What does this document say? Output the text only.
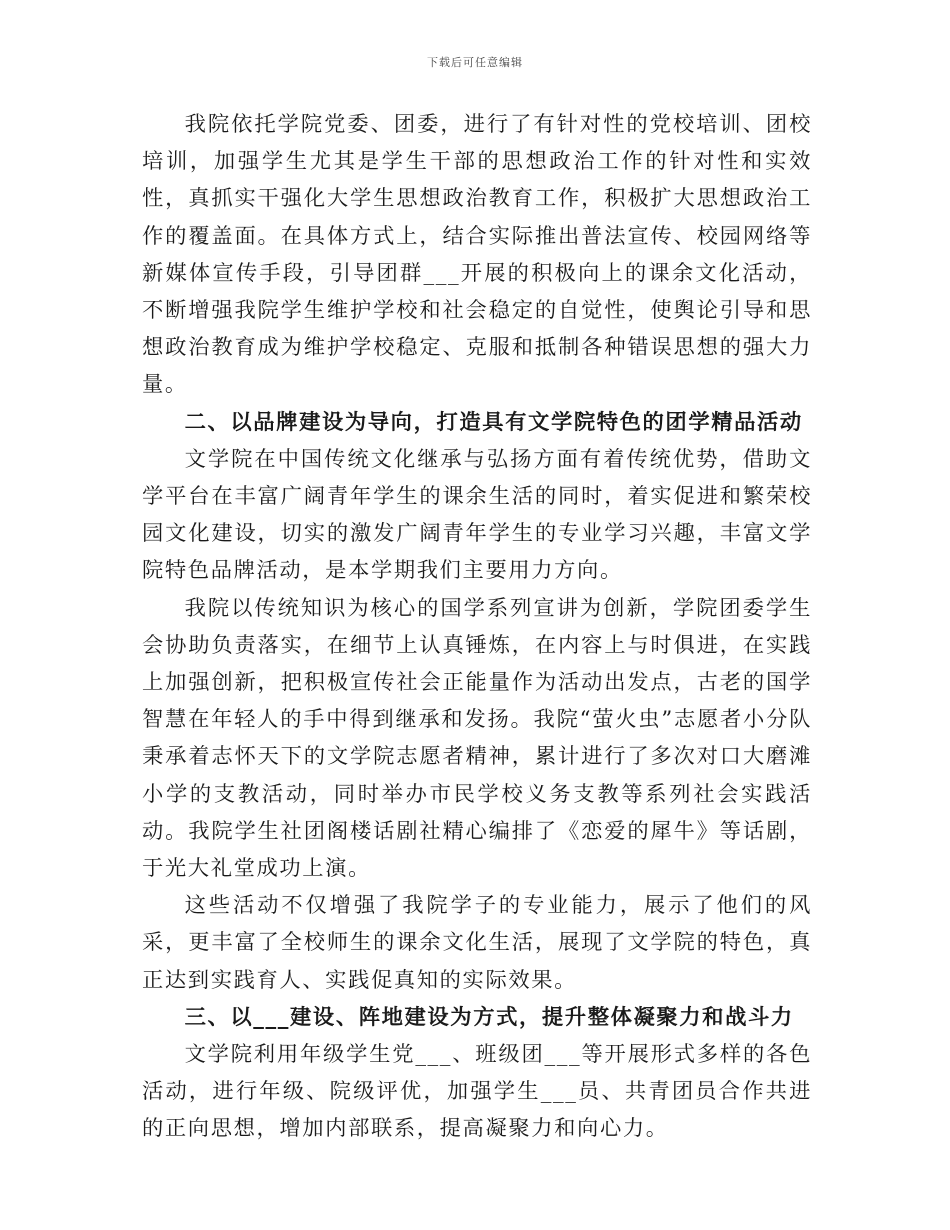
下载后可任意编辑

我院依托学院党委、团委，进行了有针对性的党校培训、团校培训，加强学生尤其是学生干部的思想政治工作的针对性和实效性，真抓实干强化大学生思想政治教育工作，积极扩大思想政治工作的覆盖面。在具体方式上，结合实际推出普法宣传、校园网络等新媒体宣传手段，引导团群___开展的积极向上的课余文化活动，不断增强我院学生维护学校和社会稳定的自觉性，使舆论引导和思想政治教育成为维护学校稳定、克服和抵制各种错误思想的强大力量。

二、以品牌建设为导向，打造具有文学院特色的团学精品活动

文学院在中国传统文化继承与弘扬方面有着传统优势，借助文学平台在丰富广阔青年学生的课余生活的同时，着实促进和繁荣校园文化建设，切实的激发广阔青年学生的专业学习兴趣，丰富文学院特色品牌活动，是本学期我们主要用力方向。

我院以传统知识为核心的国学系列宣讲为创新，学院团委学生会协助负责落实，在细节上认真锤炼，在内容上与时俱进，在实践上加强创新，把积极宣传社会正能量作为活动出发点，古老的国学智慧在年轻人的手中得到继承和发扬。我院“萤火虫”志愿者小分队秉承着志怀天下的文学院志愿者精神，累计进行了多次对口大磨滩小学的支教活动，同时举办市民学校义务支教等系列社会实践活动。我院学生社团阁楼话剧社精心编排了《恋爱的犀牛》等话剧，于光大礼堂成功上演。

这些活动不仅增强了我院学子的专业能力，展示了他们的风采，更丰富了全校师生的课余文化生活，展现了文学院的特色，真正达到实践育人、实践促真知的实际效果。

三、以___建设、阵地建设为方式，提升整体凝聚力和战斗力

文学院利用年级学生党___、班级团___等开展形式多样的各色活动，进行年级、院级评优，加强学生___员、共青团员合作共进的正向思想，增加内部联系，提高凝聚力和向心力。
